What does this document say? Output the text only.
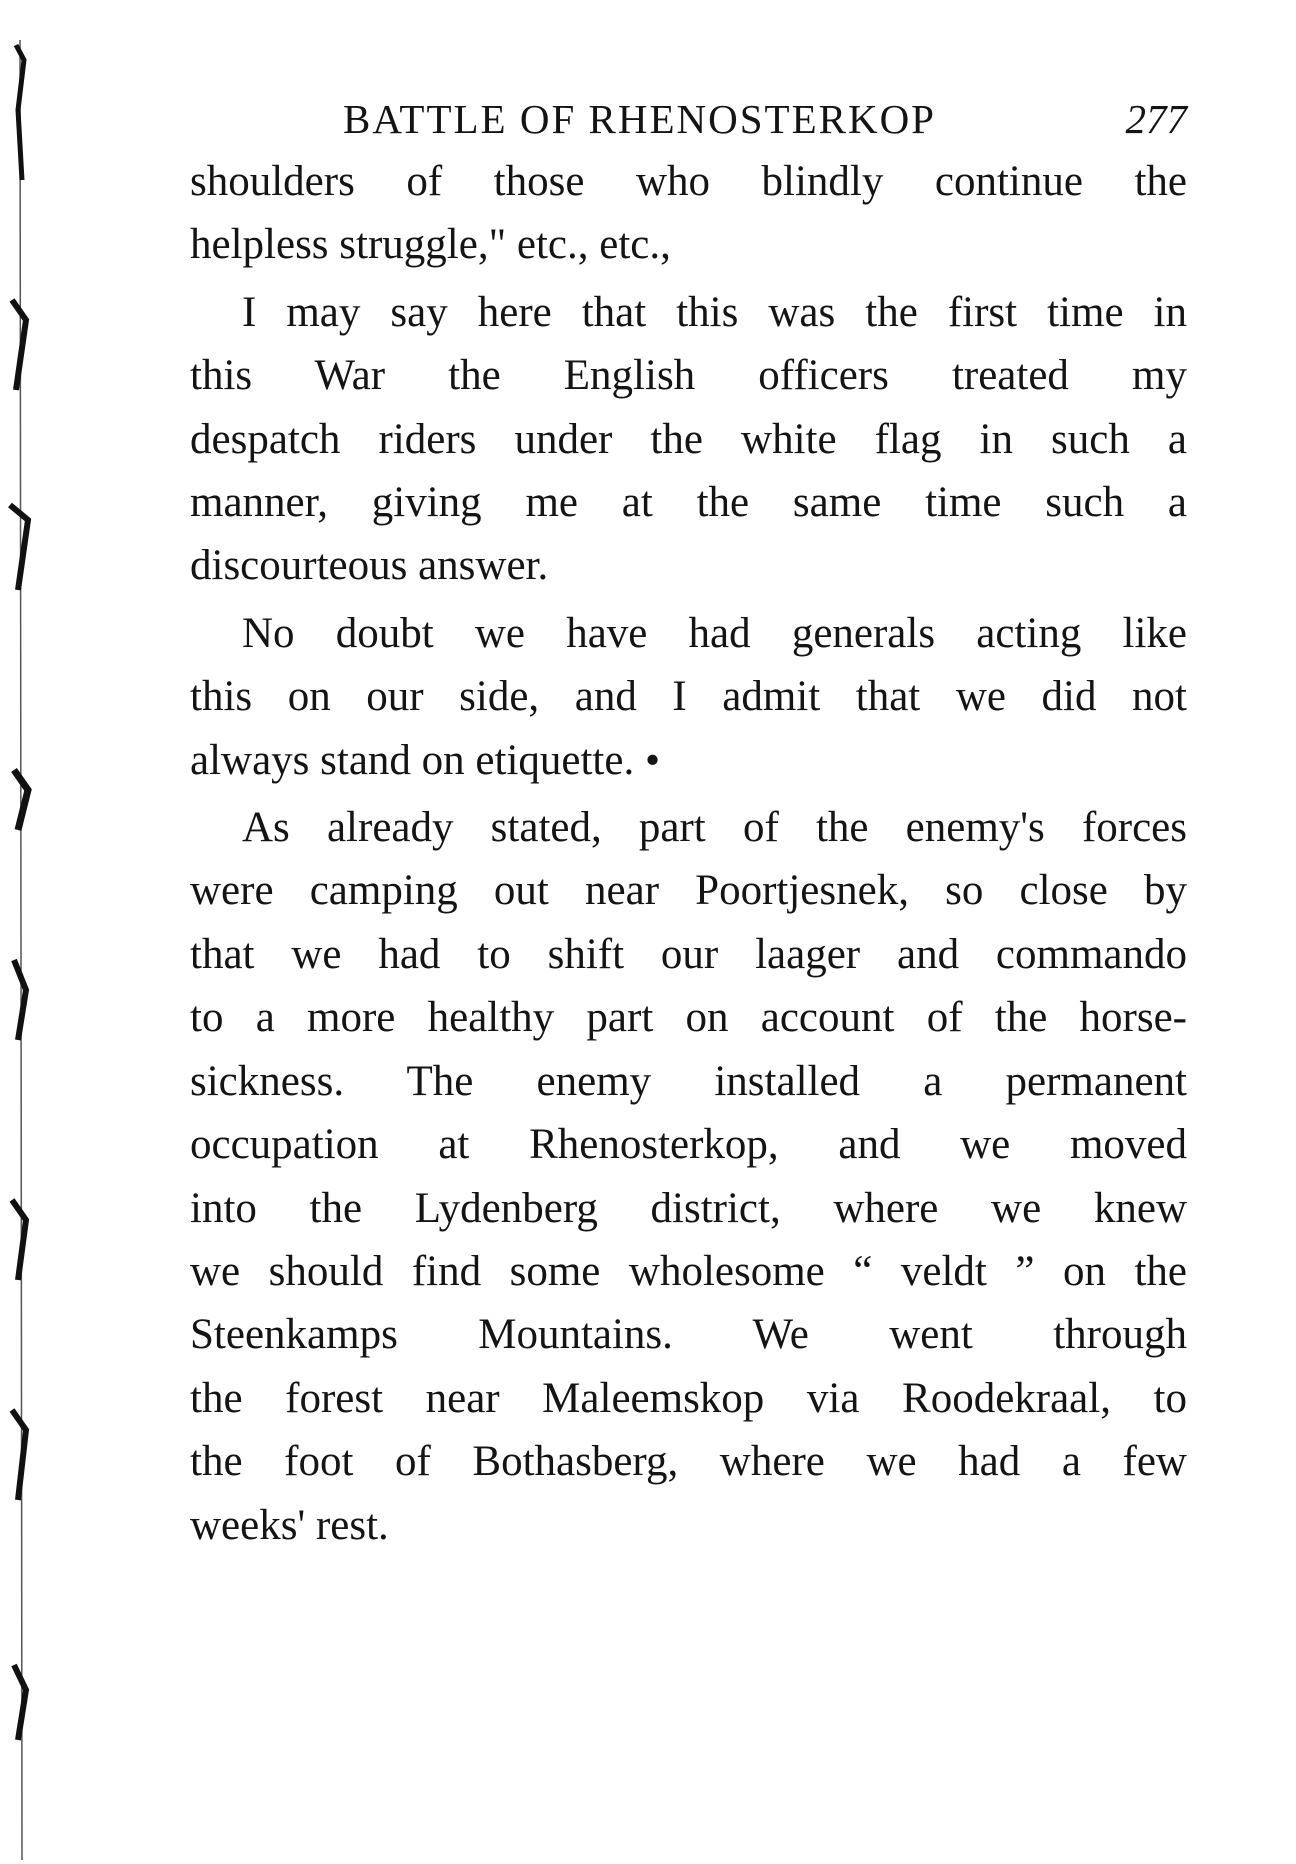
BATTLE OF RHENOSTERKOP	277
shoulders of those who blindly continue the
helpless struggle," etc., etc.,
I may say here that this was the first time in
this War the English officers treated my
despatch riders under the white flag in such a
manner, giving me at the same time such a
discourteous answer.
No doubt we have had generals acting like
this on our side, and I admit that we did not
always stand on etiquette. •
As already stated, part of the enemy's forces
were camping out near Poortjesnek, so close by
that we had to shift our laager and commando
to a more healthy part on account of the horse-
sickness. The enemy installed a permanent
occupation at Rhenosterkop, and we moved
into the Lydenberg district, where we knew
we should find some wholesome “ veldt ” on the
Steenkamps Mountains. We went through
the forest near Maleemskop via Roodekraal, to
the foot of Bothasberg, where we had a few
weeks' rest.
